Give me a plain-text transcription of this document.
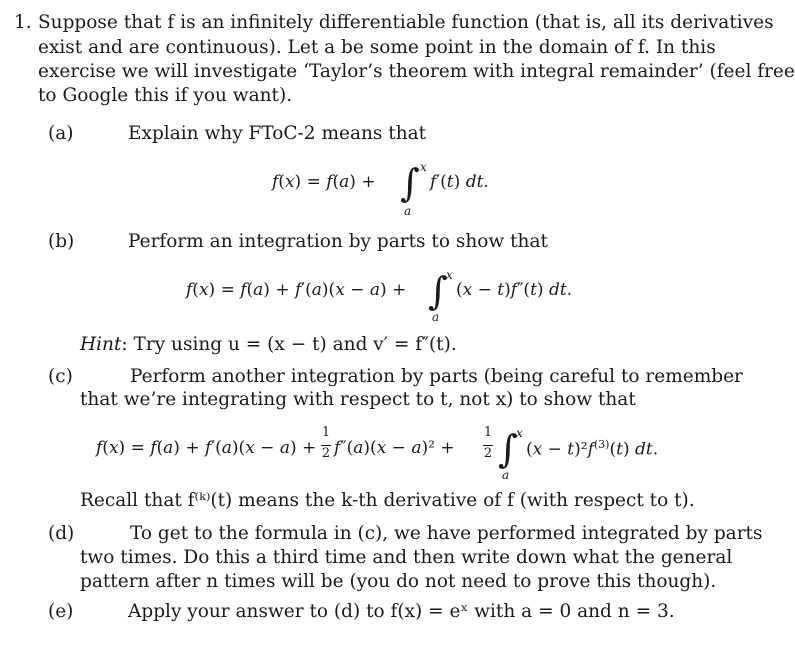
1. Suppose that f is an infinitely differentiable function (that is, all its derivatives
exist and are continuous). Let a be some point in the domain of f. In this
exercise we will investigate ‘Taylor’s theorem with integral remainder’ (feel free
to Google this if you want).
(a)	Explain why FToC-2 means that
f(x) = f(a) + ∫ x
a
f′(t) dt.
(b)	Perform an integration by parts to show that
f(x) = f(a) + f′(a)(x − a) + ∫
x
a
(x − t)f″(t) dt.
Hint: Try using u = (x − t) and v′ = f″(t).
(c)	Perform another integration by parts (being careful to remember
that we’re integrating with respect to t, not x) to show that
f(x) = f(a) + f′(a)(x − a) +
1
2 f″(a)(x − a)² +
1
2 ∫
x
a
$(x - t)^2f^{(3)}(t)$ dt.
Recall that f⁽ᵏ⁾(t) means the k-th derivative of f (with respect to t).
(d)	To get to the formula in (c), we have performed integrated by parts
two times. Do this a third time and then write down what the general
pattern after n times will be (you do not need to prove this though).
(e)	Apply your answer to (d) to f(x) = eˣ with a = 0 and n = 3.
